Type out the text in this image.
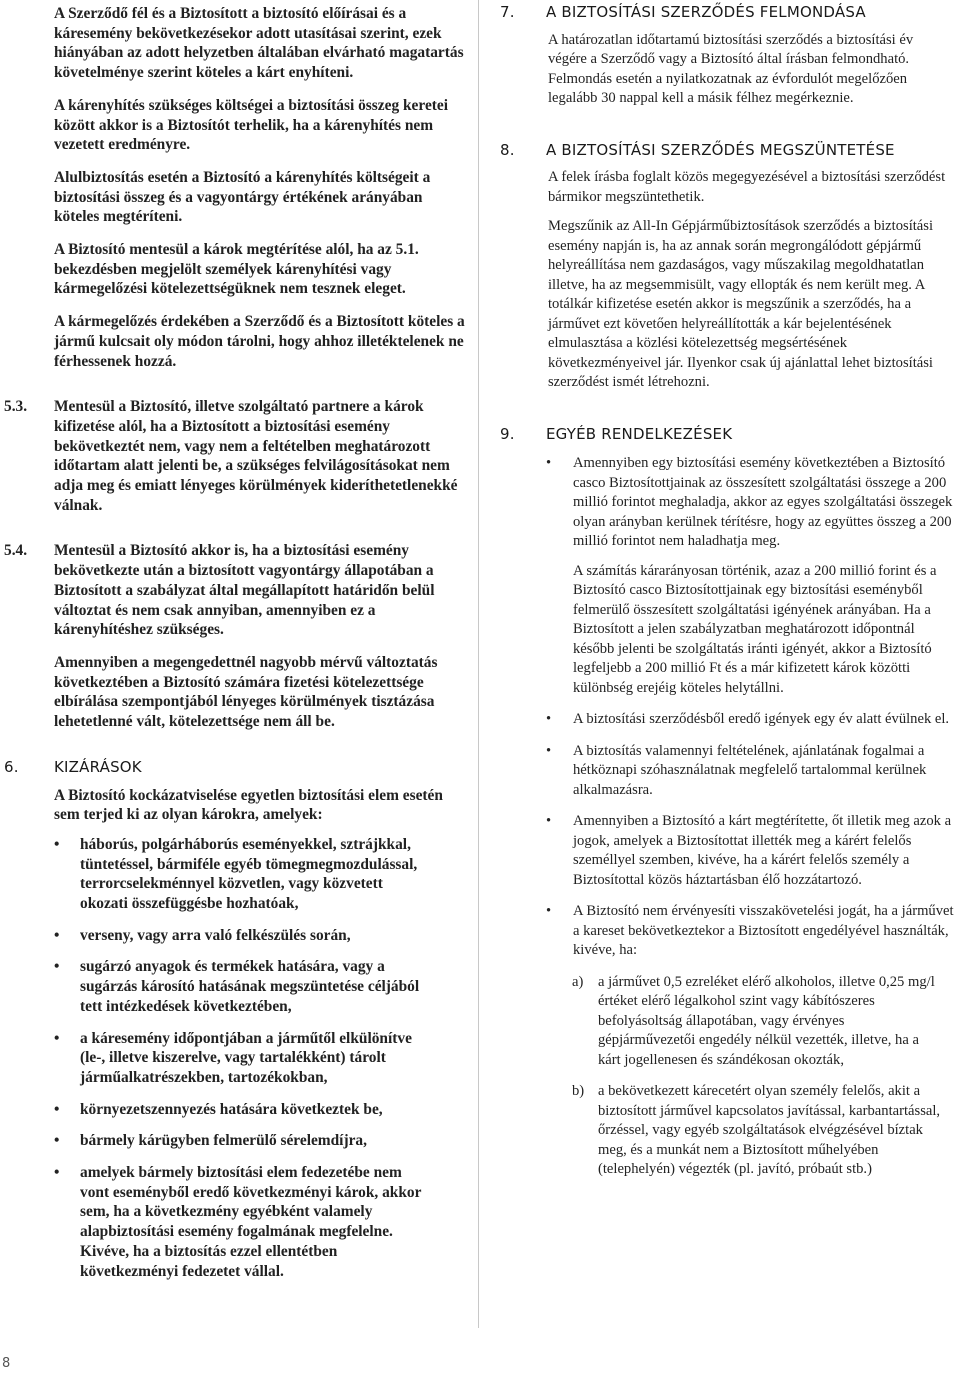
A Szerződő fél és a Biztosított a biztosító előírásai és a káresemény bekövetkezésekor adott utasításai szerint, ezek hiányában az adott helyzetben általában elvárható magatartás követelménye szerint köteles a kárt enyhíteni.

A kárenyhítés szükséges költségei a biztosítási összeg keretei között akkor is a Biztosítót terhelik, ha a kárenyhítés nem vezetett eredményre.

Alulbiztosítás esetén a Biztosító a kárenyhítés költségeit a biztosítási összeg és a vagyontárgy értékének arányában köteles megtéríteni.

A Biztosító mentesül a károk megtérítése alól, ha az 5.1. bekezdésben megjelölt személyek kárenyhítési vagy kármegelőzési kötelezettségüknek nem tesznek eleget.

A kármegelőzés érdekében a Szerződő és a Biztosított köteles a jármű kulcsait oly módon tárolni, hogy ahhoz illetéktelenek ne férhessenek hozzá.

5.3. Mentesül a Biztosító, illetve szolgáltató partnere a károk kifizetése alól, ha a Biztosított a biztosítási esemény bekövetkeztét nem, vagy nem a feltételben meghatározott időtartam alatt jelenti be, a szükséges felvilágosításokat nem adja meg és emiatt lényeges körülmények kideríthetetlenekké válnak.

5.4. Mentesül a Biztosító akkor is, ha a biztosítási esemény bekövetkezte után a biztosított vagyontárgy állapotában a Biztosított a szabályzat által megállapított határidőn belül változtat és nem csak annyiban, amennyiben ez a kárenyhítéshez szükséges.

Amennyiben a megengedettnél nagyobb mérvű változtatás következtében a Biztosító számára fizetési kötelezettsége elbírálása szempontjából lényeges körülmények tisztázása lehetetlenné vált, kötelezettsége nem áll be.

6. KIZÁRÁSOK

A Biztosító kockázatviselése egyetlen biztosítási elem esetén sem terjed ki az olyan károkra, amelyek:

• háborús, polgárháborús eseményekkel, sztrájkkal, tüntetéssel, bármiféle egyéb tömegmegmozdulással, terrorcselekménnyel közvetlen, vagy közvetett okozati összefüggésbe hozhatóak,
• verseny, vagy arra való felkészülés során,
• sugárzó anyagok és termékek hatására, vagy a sugárzás károsító hatásának megszüntetése céljából tett intézkedések következtében,
• a káresemény időpontjában a járműtől elkülönítve (le-, illetve kiszerelve, vagy tartalékként) tárolt járműalkatrészekben, tartozékokban,
• környezetszennyezés hatására következtek be,
• bármely kárügyben felmerülő sérelemdíjra,
• amelyek bármely biztosítási elem fedezetébe nem vont eseményből eredő következményi károk, akkor sem, ha a következmény egyébként valamely alapbiztosítási esemény fogalmának megfelelne. Kivéve, ha a biztosítás ezzel ellentétben következményi fedezetet vállal.
7. A BIZTOSÍTÁSI SZERZŐDÉS FELMONDÁSA

A határozatlan időtartamú biztosítási szerződés a biztosítási év végére a Szerződő vagy a Biztosító által írásban felmondható. Felmondás esetén a nyilatkozatnak az évfordulót megelőzően legalább 30 nappal kell a másik félhez megérkeznie.

8. A BIZTOSÍTÁSI SZERZŐDÉS MEGSZÜNTETÉSE

A felek írásba foglalt közös megegyezésével a biztosítási szerződést bármikor megszüntethetik.

Megszűnik az All-In Gépjárműbiztosítások szerződés a biztosítási esemény napján is, ha az annak során megrongálódott gépjármű helyreállítása nem gazdaságos, vagy műszakilag megoldhatatlan illetve, ha az megsemmisült, vagy ellopták és nem került meg. A totálkár kifizetése esetén akkor is megszűnik a szerződés, ha a járművet ezt követően helyreállították a kár bejelentésének elmulasztása a közlési kötelezettség megsértésének következményeivel jár. Ilyenkor csak új ajánlattal lehet biztosítási szerződést ismét létrehozni.

9. EGYÉB RENDELKEZÉSEK
• Amennyiben egy biztosítási esemény következtében a Biztosító casco Biztosítottjainak az összesített szolgáltatási összege a 200 millió forintot meghaladja, akkor az egyes szolgáltatási összegek olyan arányban kerülnek térítésre, hogy az együttes összeg a 200 millió forintot nem haladhatja meg.

A számítás kárarányosan történik, azaz a 200 millió forint és a Biztosító casco Biztosítottjainak egy biztosítási eseményből felmerülő összesített szolgáltatási igényének arányában. Ha a Biztosított a jelen szabályzatban meghatározott időpontnál később jelenti be szolgáltatás iránti igényét, akkor a Biztosító legfeljebb a 200 millió Ft és a már kifizetett károk közötti különbség erejéig köteles helytállni.

• A biztosítási szerződésből eredő igények egy év alatt évülnek el.
• A biztosítás valamennyi feltételének, ajánlatának fogalmai a hétköznapi szóhasználatnak megfelelő tartalommal kerülnek alkalmazásra.
• Amennyiben a Biztosító a kárt megtérítette, őt illetik meg azok a jogok, amelyek a Biztosítottat illették meg a kárért felelős személlyel szemben, kivéve, ha a kárért felelős személy a Biztosítottal közös háztartásban élő hozzátartozó.
• A Biztosító nem érvényesíti visszakövetelési jogát, ha a járművet a kareset bekövetkeztekor a Biztosított engedélyével használták, kivéve, ha:
a) a járművet 0,5 ezreléket elérő alkoholos, illetve 0,25 mg/l értéket elérő légalkohol szint vagy kábítószeres befolyásoltság állapotában, vagy érvényes gépjárművezetői engedély nélkül vezették, illetve, ha a kárt jogellenesen és szándékosan okozták,
b) a bekövetkezett kárесetért olyan személy felelős, akit a biztosított járművel kapcsolatos javítással, karbantartással, őrzéssel, vagy egyéb szolgáltatások elvégzésével bíztak meg, és a munkát nem a Biztosított műhelyében (telephelyén) végezték (pl. javító, próbaút stb.)
8
